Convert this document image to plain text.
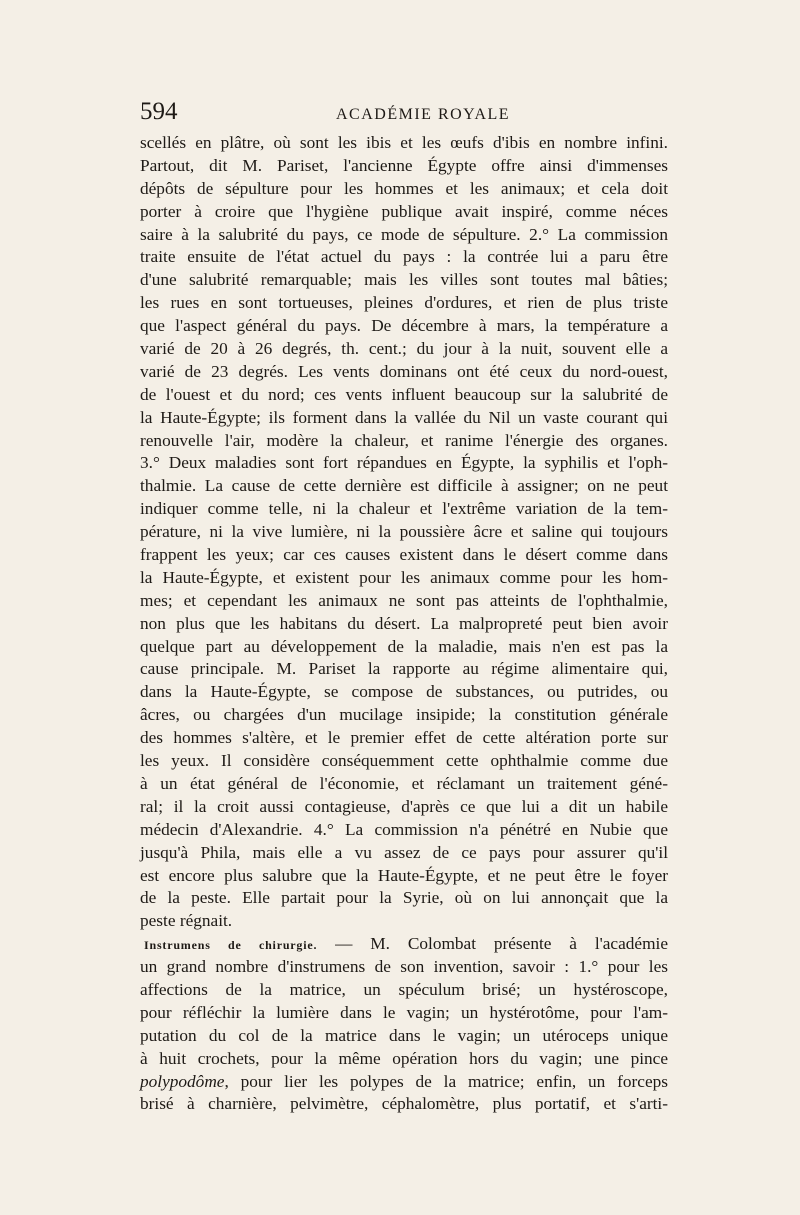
594	ACADÉMIE ROYALE
scellés en plâtre, où sont les ibis et les œufs d'ibis en nombre infini.
Partout, dit M. Pariset, l'ancienne Égypte offre ainsi d'immenses
dépôts de sépulture pour les hommes et les animaux; et cela doit
porter à croire que l'hygiène publique avait inspiré, comme néces
saire à la salubrité du pays, ce mode de sépulture. 2.° La commission
traite ensuite de l'état actuel du pays : la contrée lui a paru être
d'une salubrité remarquable; mais les villes sont toutes mal bâties;
les rues en sont tortueuses, pleines d'ordures, et rien de plus triste
que l'aspect général du pays. De décembre à mars, la température a
varié de 20 à 26 degrés, th. cent.; du jour à la nuit, souvent elle a
varié de 23 degrés. Les vents dominans ont été ceux du nord-ouest,
de l'ouest et du nord; ces vents influent beaucoup sur la salubrité de
la Haute-Égypte; ils forment dans la vallée du Nil un vaste courant qui
renouvelle l'air, modère la chaleur, et ranime l'énergie des organes.
3.° Deux maladies sont fort répandues en Égypte, la syphilis et l'oph-
thalmie. La cause de cette dernière est difficile à assigner; on ne peut
indiquer comme telle, ni la chaleur et l'extrême variation de la tem-
pérature, ni la vive lumière, ni la poussière âcre et saline qui toujours
frappent les yeux; car ces causes existent dans le désert comme dans
la Haute-Égypte, et existent pour les animaux comme pour les hom-
mes; et cependant les animaux ne sont pas atteints de l'ophthalmie,
non plus que les habitans du désert. La malpropreté peut bien avoir
quelque part au développement de la maladie, mais n'en est pas la
cause principale. M. Pariset la rapporte au régime alimentaire qui,
dans la Haute-Égypte, se compose de substances, ou putrides, ou
âcres, ou chargées d'un mucilage insipide; la constitution générale
des hommes s'altère, et le premier effet de cette altération porte sur
les yeux. Il considère conséquemment cette ophthalmie comme due
à un état général de l'économie, et réclamant un traitement géné-
ral; il la croit aussi contagieuse, d'après ce que lui a dit un habile
médecin d'Alexandrie. 4.° La commission n'a pénétré en Nubie que
jusqu'à Phila, mais elle a vu assez de ce pays pour assurer qu'il
est encore plus salubre que la Haute-Égypte, et ne peut être le foyer
de la peste. Elle partait pour la Syrie, où on lui annonçait que la
peste régnait.
Instrumens de chirurgie. — M. Colombat présente à l'académie
un grand nombre d'instrumens de son invention, savoir : 1.° pour les
affections de la matrice, un spéculum brisé; un hystéroscope,
pour réfléchir la lumière dans le vagin; un hystérotôme, pour l'am-
putation du col de la matrice dans le vagin; un utéroceps unique
à huit crochets, pour la même opération hors du vagin; une pince
polypodôme, pour lier les polypes de la matrice; enfin, un forceps
brisé à charnière, pelvimètre, céphalomètre, plus portatif, et s'arti-
